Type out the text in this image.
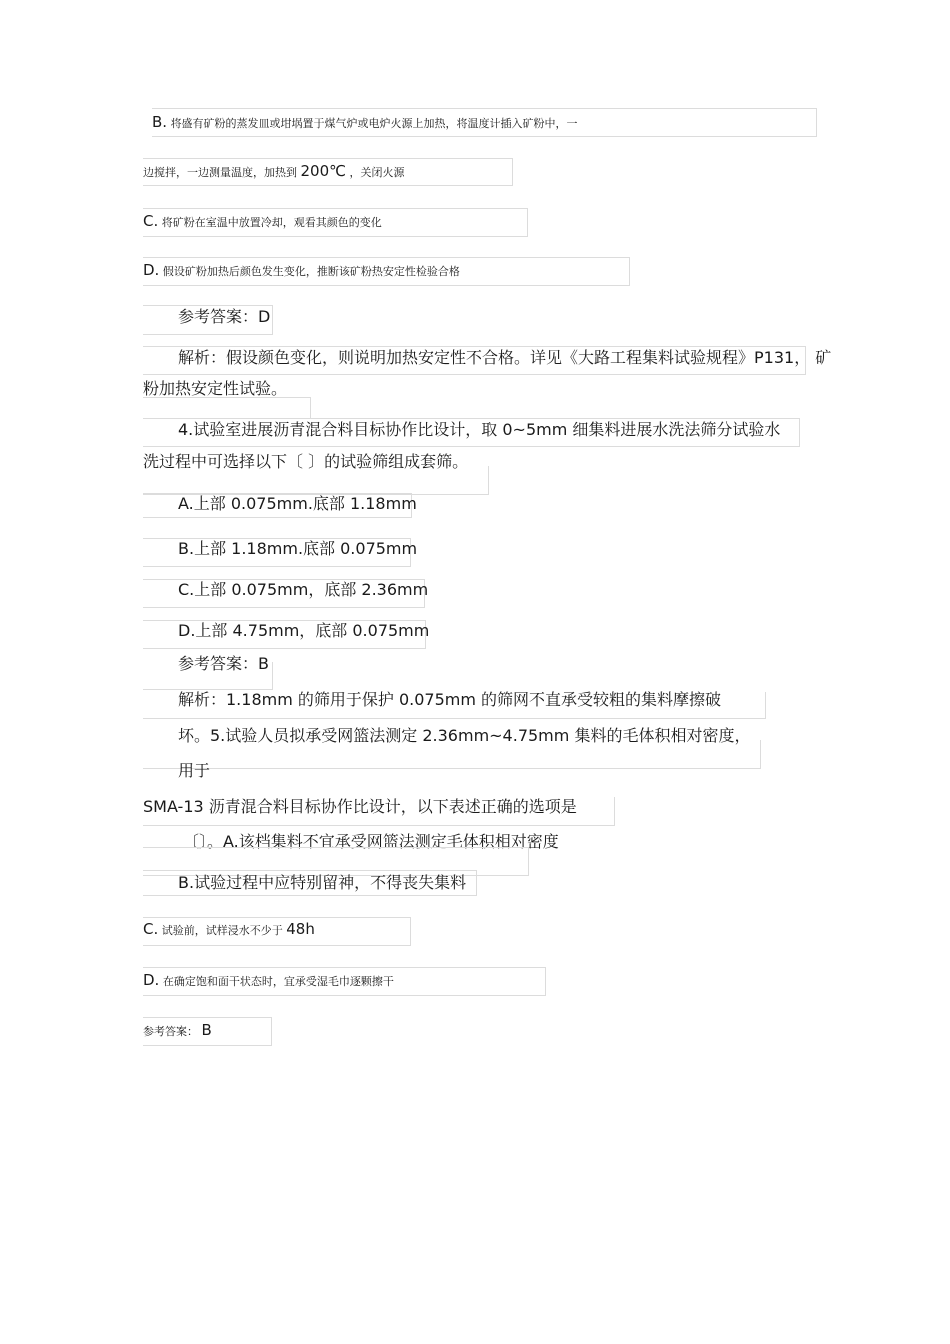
B. 将盛有矿粉的蒸发皿或坩埚置于煤气炉或电炉火源上加热，将温度计插入矿粉中，一
边搅拌，一边测量温度，加热到 200℃ ，关闭火源
C. 将矿粉在室温中放置冷却，观看其颜色的变化
D. 假设矿粉加热后颜色发生变化，推断该矿粉热安定性检验合格
参考答案：D
解析：假设颜色变化，则说明加热安定性不合格。详见《大路工程集料试验规程》P131， 矿
粉加热安定性试验。
4.试验室进展沥青混合料目标协作比设计，取 0~5mm 细集料进展水洗法筛分试验水
洗过程中可选择以下〔 〕的试验筛组成套筛。
A.上部 0.075mm.底部 1.18mm
B.上部 1.18mm.底部 0.075mm
C.上部 0.075mm，底部 2.36mm
D.上部 4.75mm，底部 0.075mm
参考答案：B
解析：1.18mm 的筛用于保护 0.075mm 的筛网不直承受较粗的集料摩擦破
坏。5.试验人员拟承受网篮法测定 2.36mm~4.75mm 集料的毛体积相对密度，
用于
SMA-13 沥青混合料目标协作比设计，以下表述正确的选项是
〔〕。A.该档集料不宜承受网篮法测定毛体积相对密度
B.试验过程中应特别留神，不得丧失集料
C. 试验前，试样浸水不少于 48h
D. 在确定饱和面干状态时，宜承受湿毛巾逐颗擦干
参考答案： B
